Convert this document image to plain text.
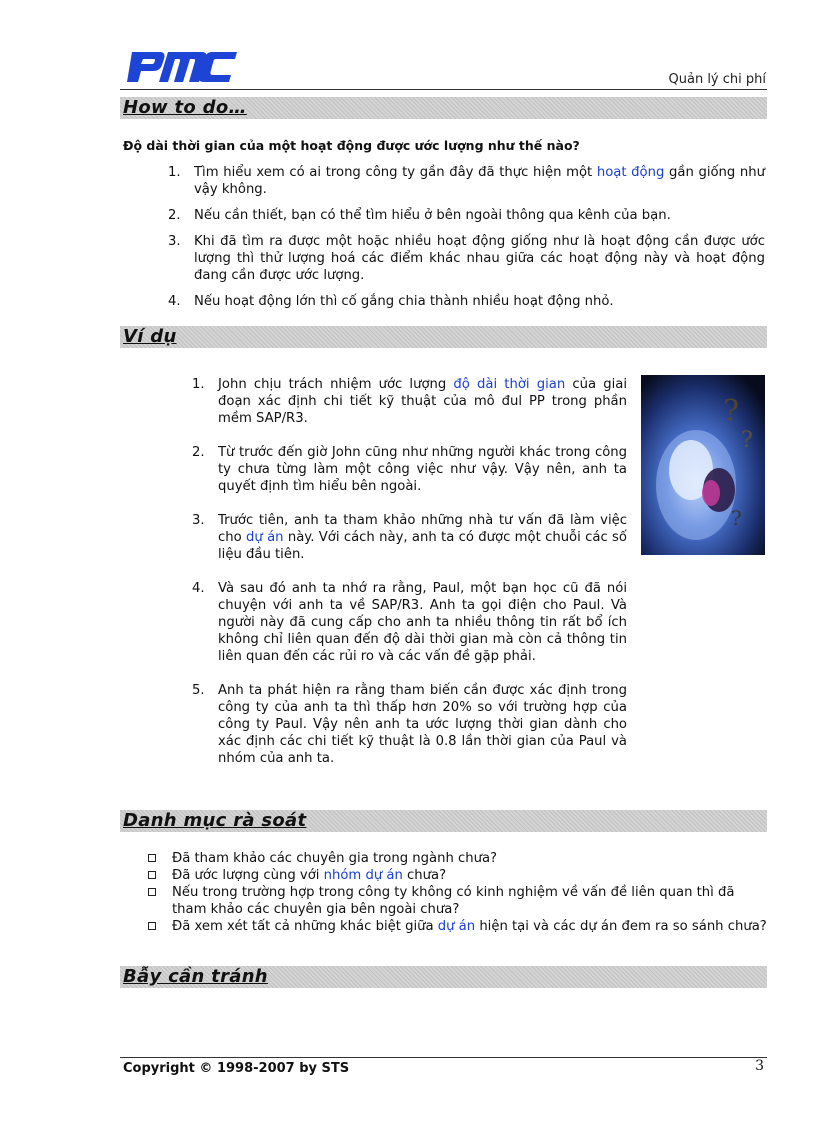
Quản lý chi phí
How to do…
Độ dài thời gian của một hoạt động được ước lượng như thế nào?
1. Tìm hiểu xem có ai trong công ty gần đây đã thực hiện một hoạt động gần giống như vậy không.
2. Nếu cần thiết, bạn có thể tìm hiểu ở bên ngoài thông qua kênh của bạn.
3. Khi đã tìm ra được một hoặc nhiều hoạt động giống như là hoạt động cần được ước lượng thì thử lượng hoá các điểm khác nhau giữa các hoạt động này và hoạt động đang cần được ước lượng.
4. Nếu hoạt động lớn thì cố gắng chia thành nhiều hoạt động nhỏ.
Ví dụ
1. John chịu trách nhiệm ước lượng độ dài thời gian của giai đoạn xác định chi tiết kỹ thuật của mô đul PP trong phần mềm SAP/R3.
2. Từ trước đến giờ John cũng như những người khác trong công ty chưa từng làm một công việc như vậy. Vậy nên, anh ta quyết định tìm hiểu bên ngoài.
3. Trước tiên, anh ta tham khảo những nhà tư vấn đã làm việc cho dự án này. Với cách này, anh ta có được một chuỗi các số liệu đầu tiên.
4. Và sau đó anh ta nhớ ra rằng, Paul, một bạn học cũ đã nói chuyện với anh ta về SAP/R3. Anh ta gọi điện cho Paul. Và người này đã cung cấp cho anh ta nhiều thông tin rất bổ ích không chỉ liên quan đến độ dài thời gian mà còn cả thông tin liên quan đến các rủi ro và các vấn đề gặp phải.
5. Anh ta phát hiện ra rằng tham biến cần được xác định trong công ty của anh ta thì thấp hơn 20% so với trường hợp của công ty Paul. Vậy nên anh ta ước lượng thời gian dành cho xác định các chi tiết kỹ thuật là 0.8 lần thời gian của Paul và nhóm của anh ta.
?
?
?
Danh mục rà soát
Đã tham khảo các chuyên gia trong ngành chưa?
Đã ước lượng cùng với nhóm dự án chưa?
Nếu trong trường hợp trong công ty không có kinh nghiệm về vấn đề liên quan thì đã tham khảo các chuyên gia bên ngoài chưa?
Đã xem xét tất cả những khác biệt giữa dự án hiện tại và các dự án đem ra so sánh chưa?
Bẫy cần tránh
Copyright © 1998-2007 by STS	3
